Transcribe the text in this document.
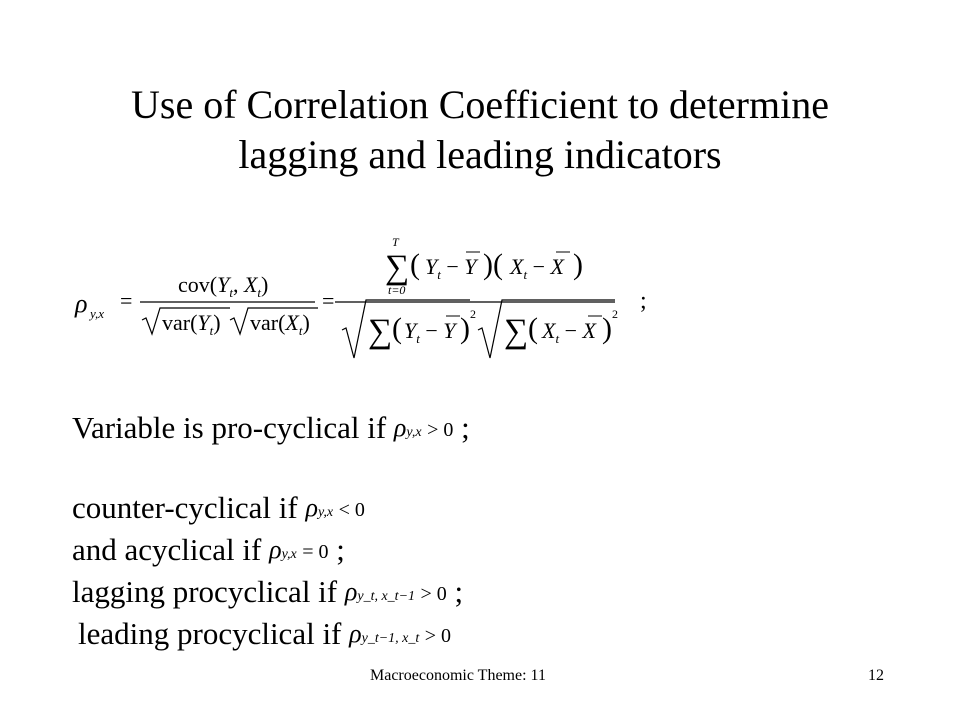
Use of Correlation Coefficient to determine
lagging and leading indicators
ρ y,x
=
$cov(Y_t$, $X_t$)
$var(Y_t)$ $var(X_t)$
=
T
∑
t=0
( $Y_t - Y$ )( $X_t - X$ )
∑ ( $Y_t - Y$ ) 2 ∑ ( $X_t - X$ ) 2 ;
Variable is pro-cyclical if ρy,x > 0 ;
counter-cyclical if ρy,x < 0
and acyclical if ρy,x = 0 ;
lagging procyclical if ρy_t, x_t−1 > 0 ;
leading procyclical if ρy_t−1, x_t > 0
Macroeconomic Theme: 11	12
